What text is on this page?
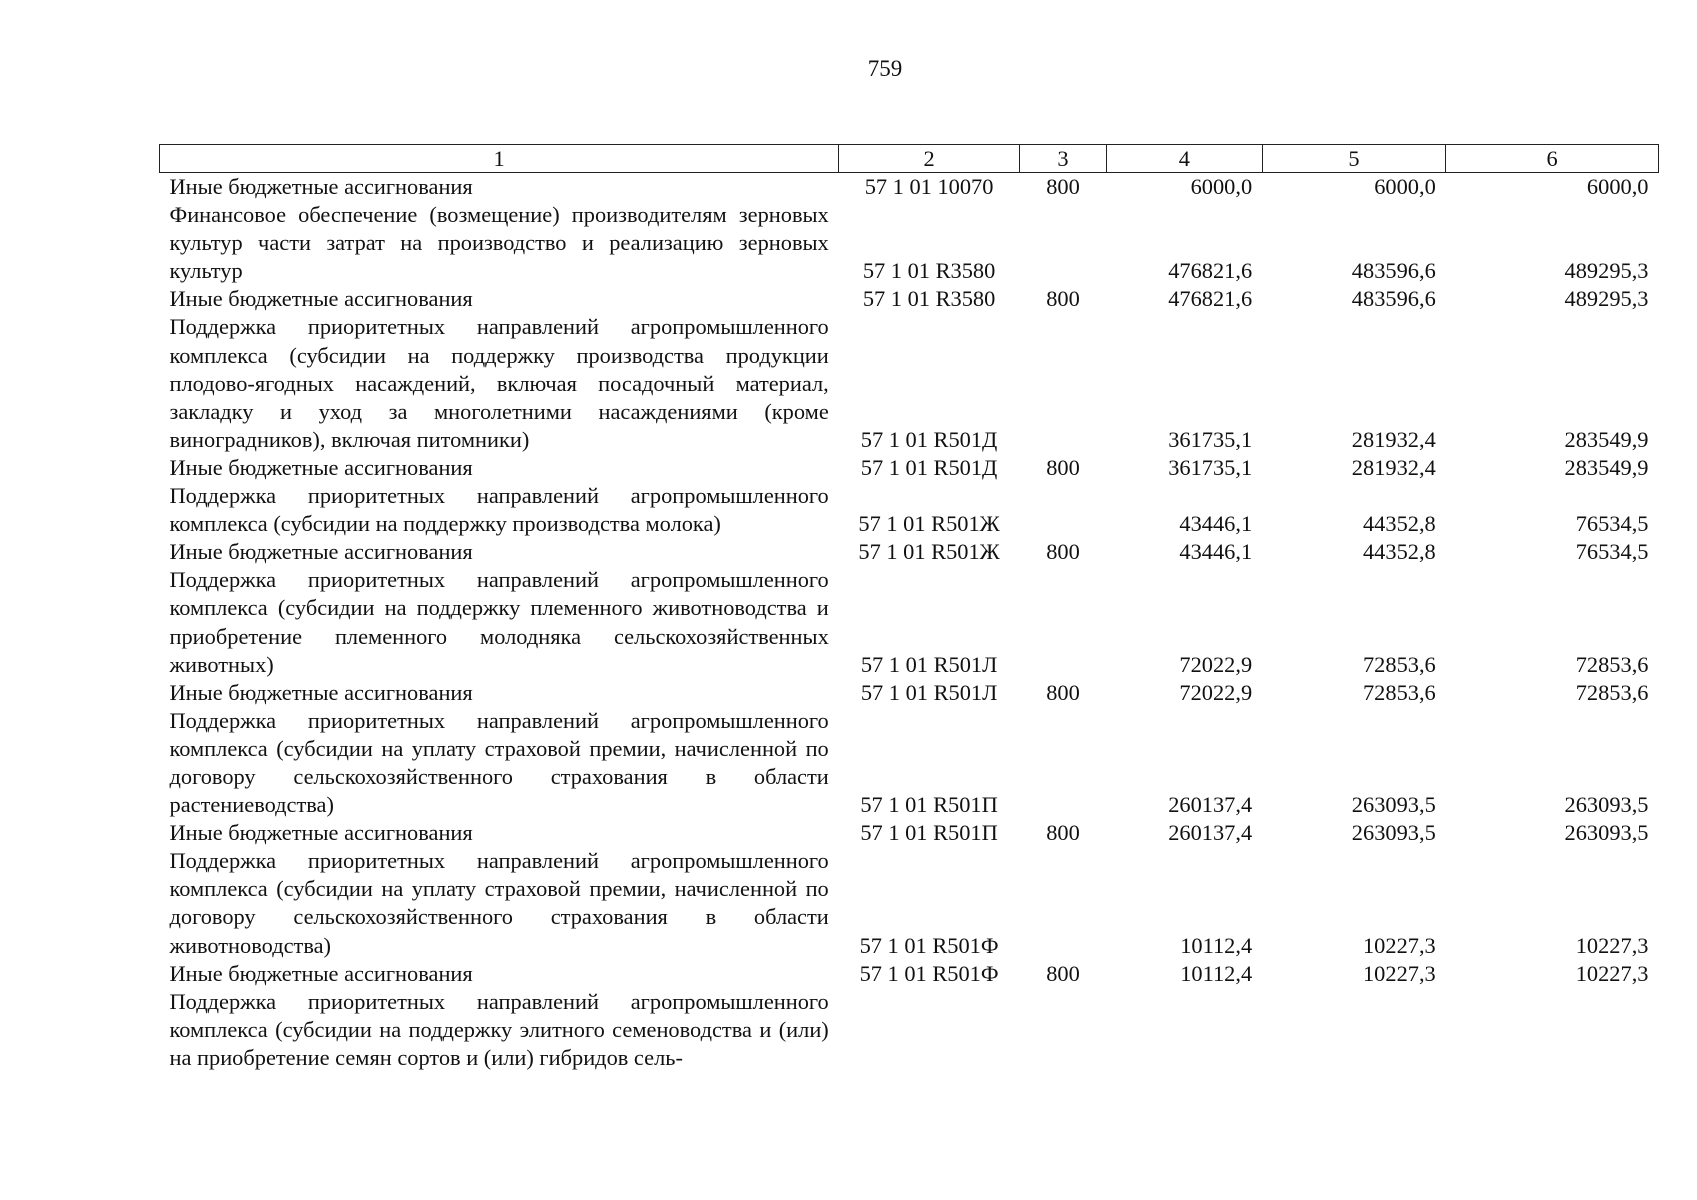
759
1	2	3	4	5	6
Иные бюджетные ассигнования	57 1 01 10070	800	6000,0	6000,0	6000,0
Финансовое обеспечение (возмещение) производителям зерновых культур части затрат на производство и реализацию зерновых культур	57 1 01 R3580		476821,6	483596,6	489295,3
Иные бюджетные ассигнования	57 1 01 R3580	800	476821,6	483596,6	489295,3
Поддержка приоритетных направлений агропромышленного комплекса (субсидии на поддержку производства продукции плодово-ягодных насаждений, включая посадочный материал, закладку и уход за многолетними насаждениями (кроме виноградников), включая питомники)	57 1 01 R501Д		361735,1	281932,4	283549,9
Иные бюджетные ассигнования	57 1 01 R501Д	800	361735,1	281932,4	283549,9
Поддержка приоритетных направлений агропромышленного комплекса (субсидии на поддержку производства молока)	57 1 01 R501Ж		43446,1	44352,8	76534,5
Иные бюджетные ассигнования	57 1 01 R501Ж	800	43446,1	44352,8	76534,5
Поддержка приоритетных направлений агропромышленного комплекса (субсидии на поддержку племенного животноводства и приобретение племенного молодняка сельскохозяйственных животных)	57 1 01 R501Л		72022,9	72853,6	72853,6
Иные бюджетные ассигнования	57 1 01 R501Л	800	72022,9	72853,6	72853,6
Поддержка приоритетных направлений агропромышленного комплекса (субсидии на уплату страховой премии, начисленной по договору сельскохозяйственного страхования в области растениеводства)	57 1 01 R501П		260137,4	263093,5	263093,5
Иные бюджетные ассигнования	57 1 01 R501П	800	260137,4	263093,5	263093,5
Поддержка приоритетных направлений агропромышленного комплекса (субсидии на уплату страховой премии, начисленной по договору сельскохозяйственного страхования в области животноводства)	57 1 01 R501Ф		10112,4	10227,3	10227,3
Иные бюджетные ассигнования	57 1 01 R501Ф	800	10112,4	10227,3	10227,3
Поддержка приоритетных направлений агропромышленного комплекса (субсидии на поддержку элитного семеноводства и (или) на приобретение семян сортов и (или) гибридов сель-					
